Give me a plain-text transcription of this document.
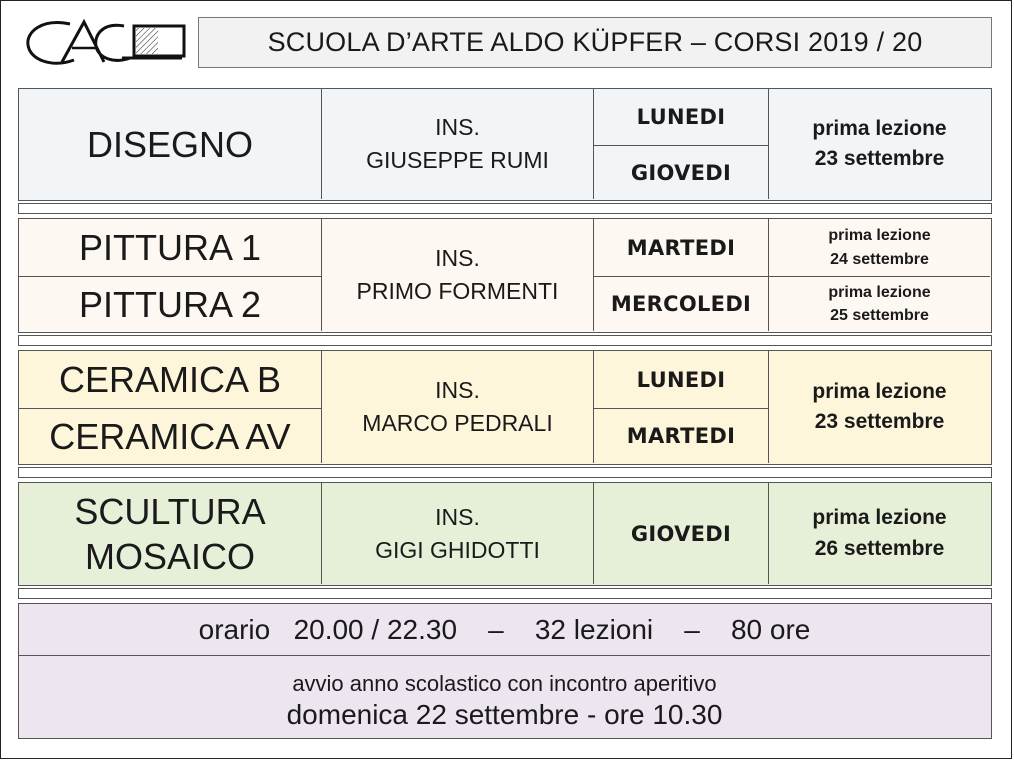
SCUOLA D’ARTE ALDO KÜPFER – CORSI 2019 / 20
DISEGNO	INS.
GIUSEPPE RUMI
LUNEDI
GIOVEDI
prima lezione
23 settembre
PITTURA 1
PITTURA 2
INS.
PRIMO FORMENTI
MARTEDI
MERCOLEDI
prima lezione
24 settembre
prima lezione
25 settembre
CERAMICA B
CERAMICA AV
INS.
MARCO PEDRALI
LUNEDI
MARTEDI
prima lezione
23 settembre
SCULTURA
MOSAICO
INS.
GIGI GHIDOTTI
GIOVEDI
prima lezione
26 settembre
orario   20.00 / 22.30    –    32 lezioni    –    80 ore
avvio anno scolastico con incontro aperitivo
domenica 22 settembre - ore 10.30
